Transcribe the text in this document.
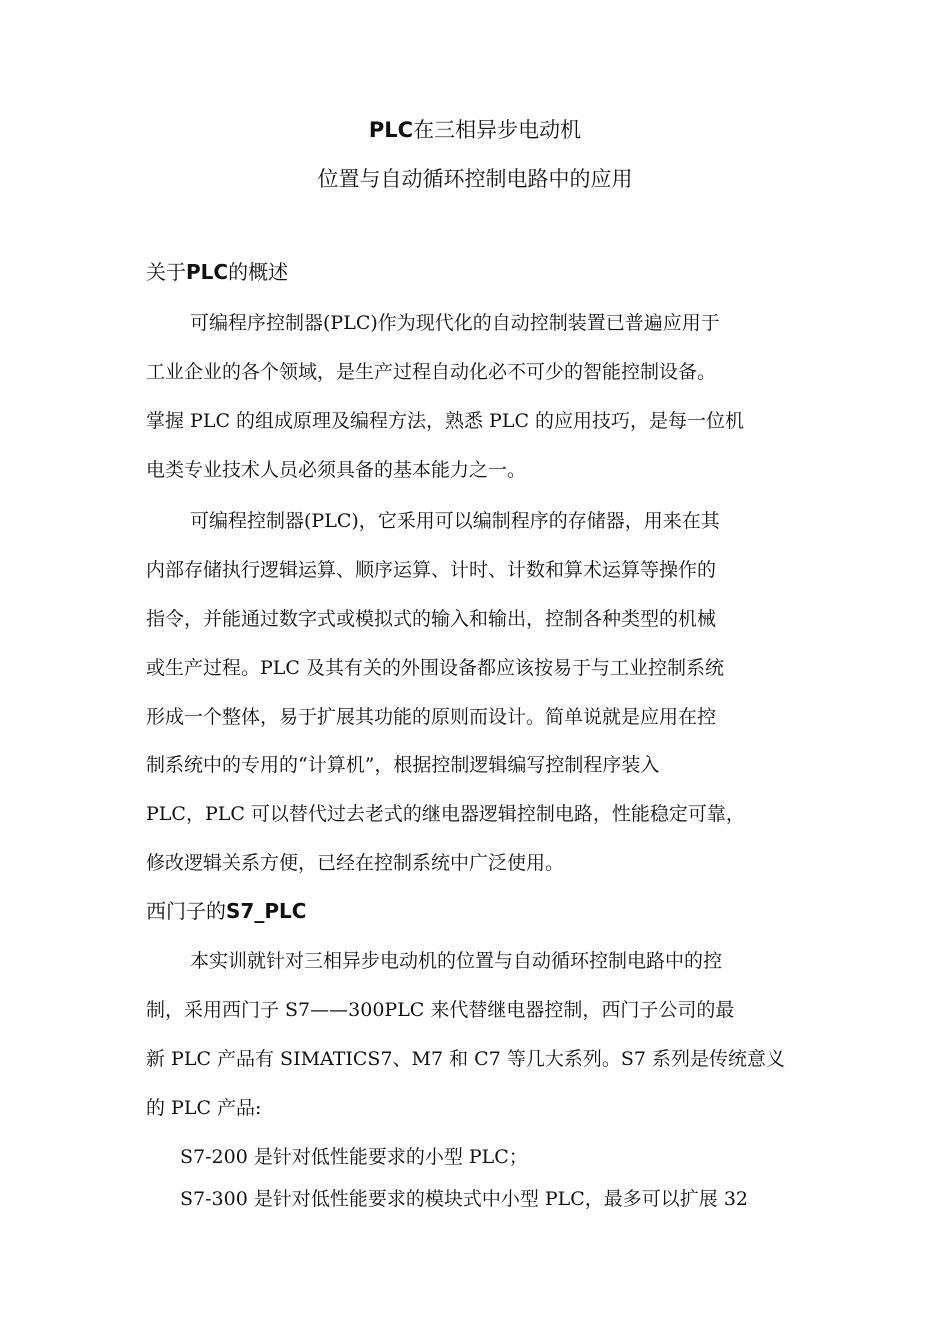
PLC在三相异步电动机
位置与自动循环控制电路中的应用
关于PLC的概述
可编程序控制器(PLC)作为现代化的自动控制装置已普遍应用于
工业企业的各个领域，是生产过程自动化必不可少的智能控制设备。
掌握 PLC 的组成原理及编程方法，熟悉 PLC 的应用技巧，是每一位机
电类专业技术人员必须具备的基本能力之一。
可编程控制器(PLC)，它釆用可以编制程序的存储器，用来在其
内部存储执行逻辑运算、顺序运算、计时、计数和算术运算等操作的
指令，并能通过数字式或模拟式的输入和输出，控制各种类型的机械
或生产过程。PLC 及其有关的外围设备都应该按易于与工业控制系统
形成一个整体，易于扩展其功能的原则而设计。简单说就是应用在控
制系统中的专用的“计算机”，根据控制逻辑编写控制程序装入
PLC，PLC 可以替代过去老式的继电器逻辑控制电路，性能稳定可靠，
修改逻辑关系方便，已经在控制系统中广泛使用。
西门子的S7_PLC
本实训就针对三相异步电动机的位置与自动循环控制电路中的控
制，采用西门子 S7——300PLC 来代替继电器控制，西门子公司的最
新 PLC 产品有 SIMATICS7、M7 和 C7 等几大系列。S7 系列是传统意义
的 PLC 产品:
S7-200 是针对低性能要求的小型 PLC；
S7-300 是针对低性能要求的模块式中小型 PLC，最多可以扩展 32
